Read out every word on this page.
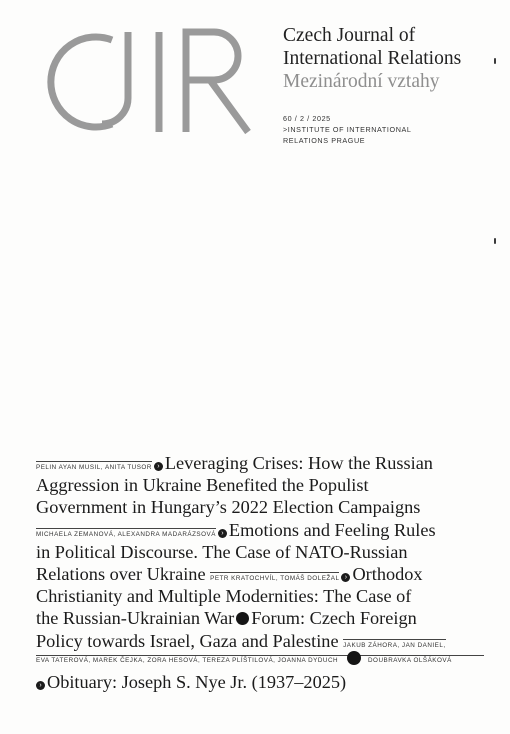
Czech Journal of
International Relations
Mezinárodní vztahy
60 / 2 / 2025
>INSTITUTE OF INTERNATIONAL
RELATIONS PRAGUE
PELIN AYAN MUSIL, ANITA TUSOR › Leveraging Crises: How the Russian
Aggression in Ukraine Benefited the Populist
Government in Hungary’s 2022 Election Campaigns
MICHAELA ZEMANOVÁ, ALEXANDRA MADARÁZSOVÁ › Emotions and Feeling Rules
in Political Discourse. The Case of NATO-Russian
Relations over Ukraine PETR KRATOCHVÍL, TOMÁŠ DOLEŽAL › Orthodox
Christianity and Multiple Modernities: The Case of
the Russian-Ukrainian War Forum: Czech Foreign
Policy towards Israel, Gaza and Palestine JAKUB ZÁHORA, JAN DANIEL,
EVA TATEROVÁ, MAREK ČEJKA, ZORA HESOVÁ, TEREZA PLÍŠTILOVÁ, JOANNA DYDUCH	DOUBRAVKA OLŠÁKOVÁ
› Obituary: Joseph S. Nye Jr. (1937–2025)
